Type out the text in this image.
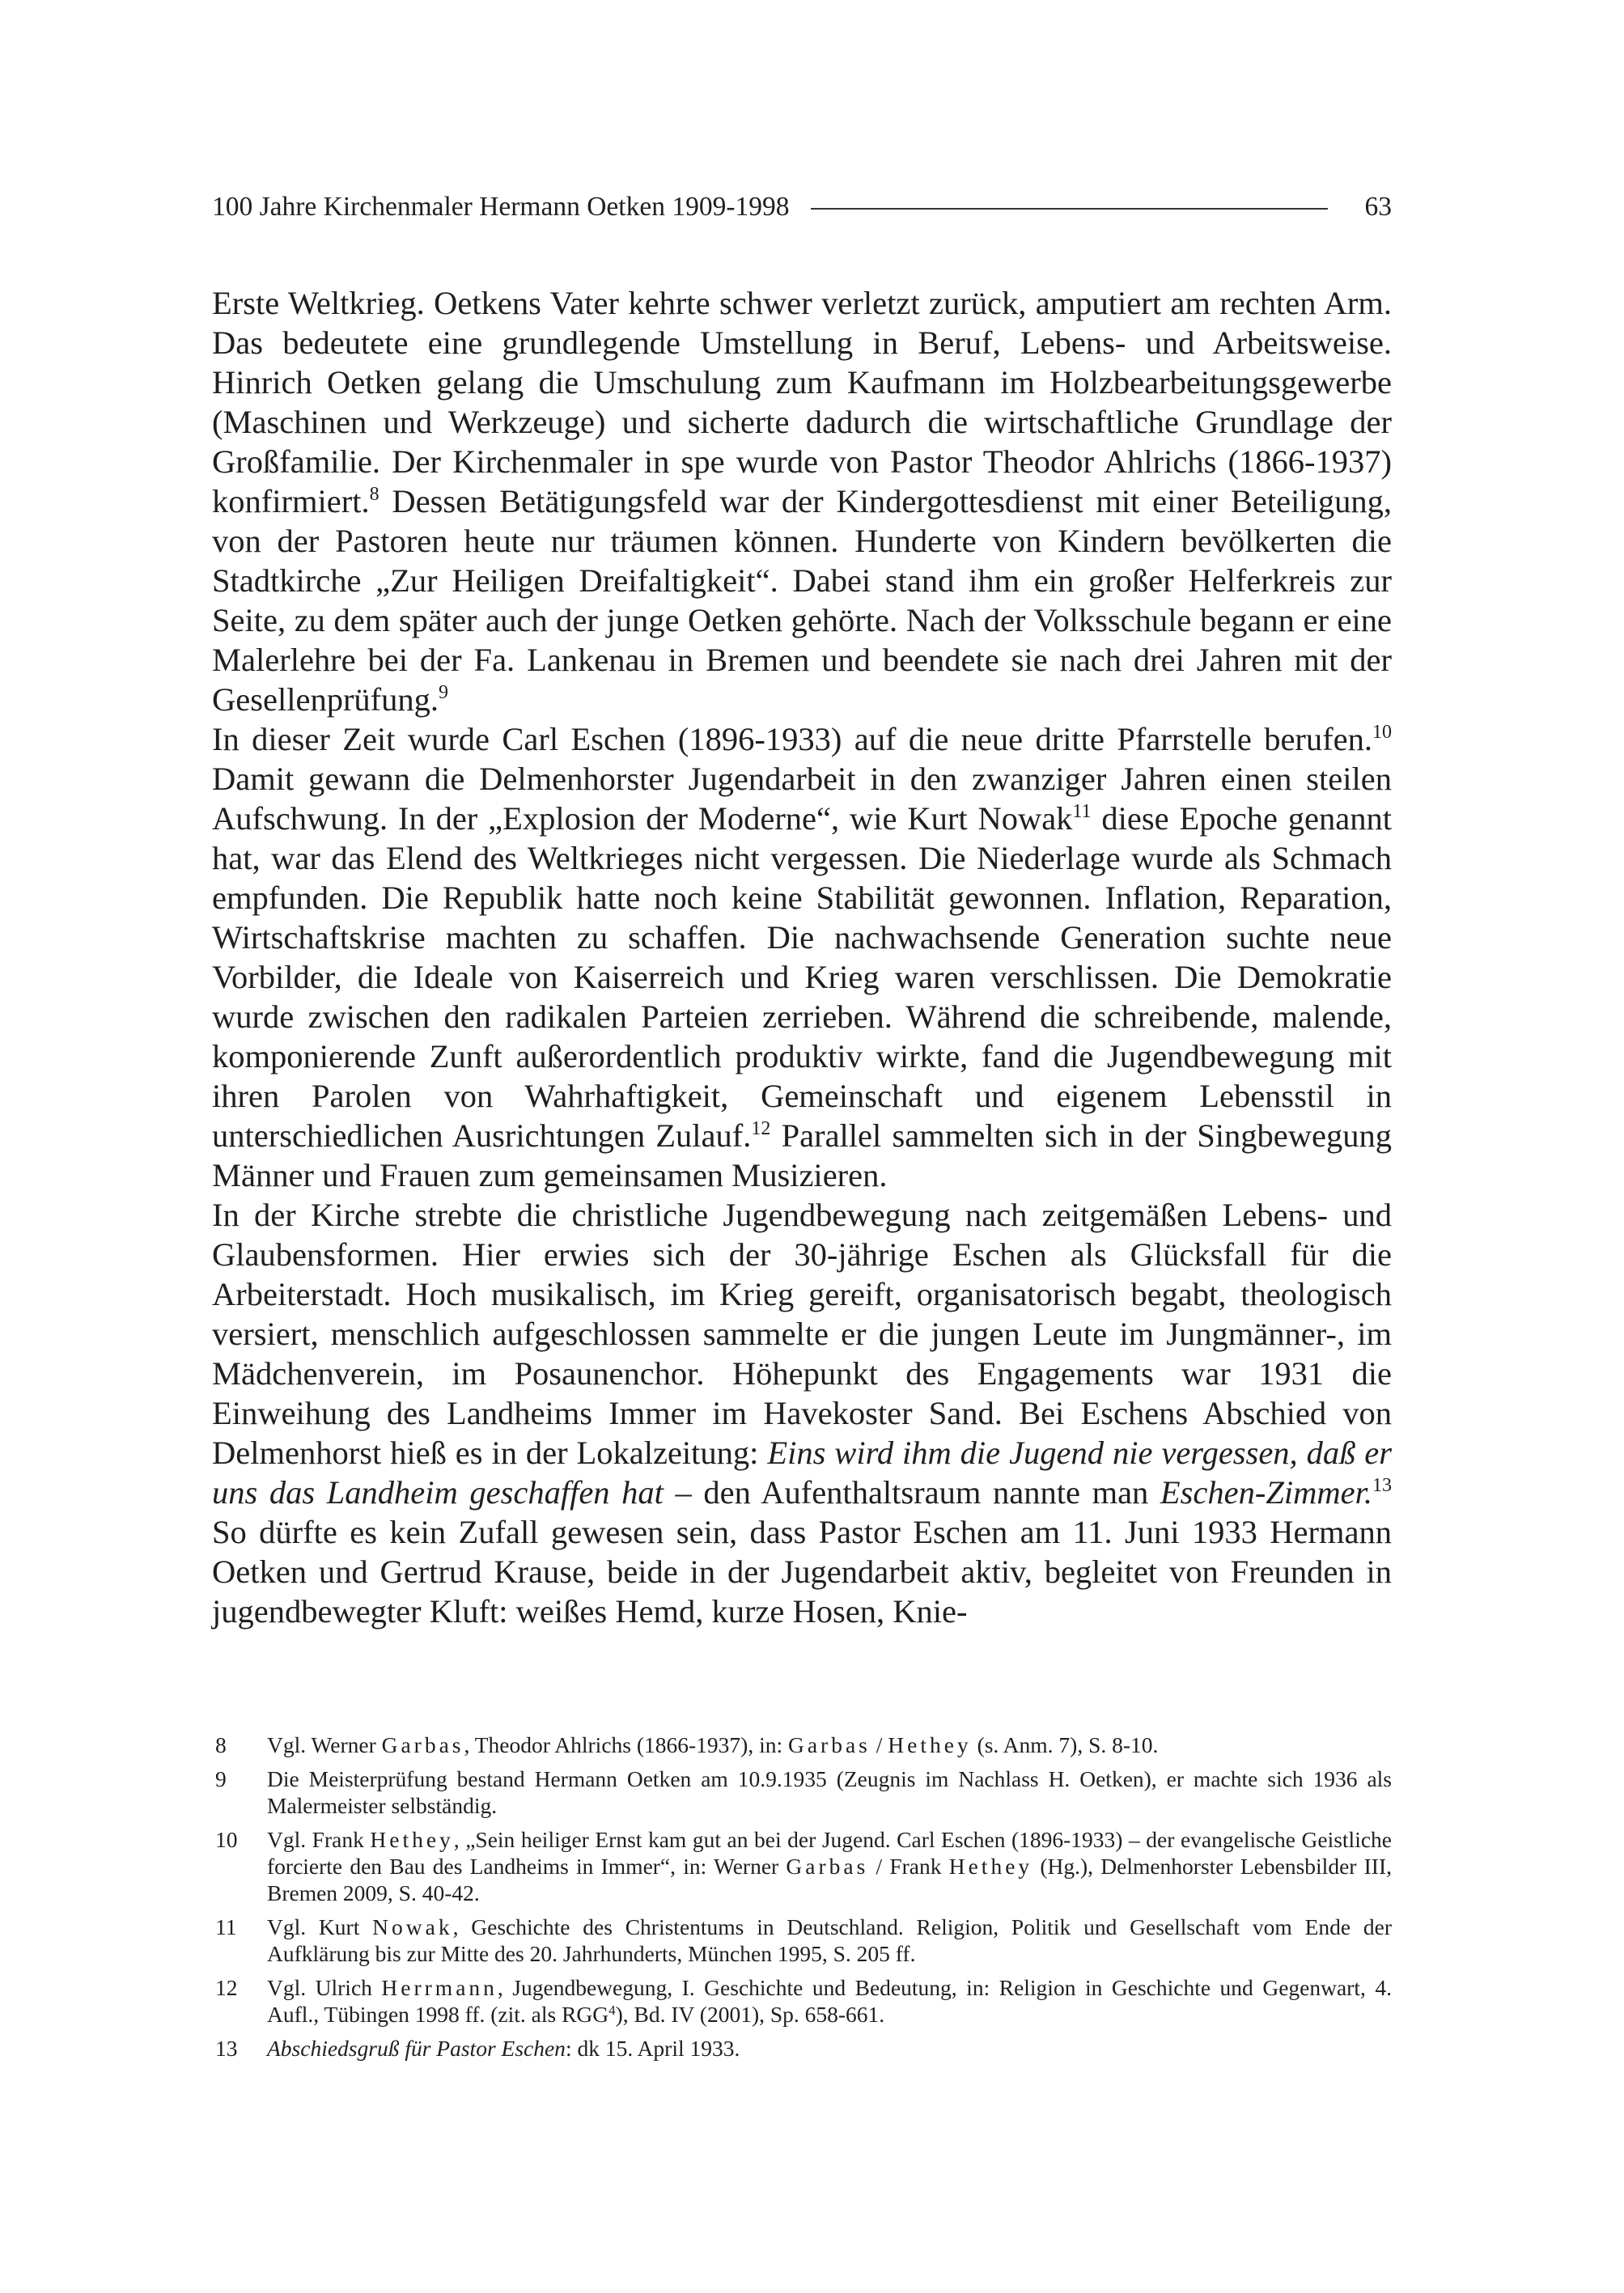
100 Jahre Kirchenmaler Hermann Oetken 1909-1998	63

Erste Weltkrieg. Oetkens Vater kehrte schwer verletzt zurück, amputiert am rechten Arm. Das bedeutete eine grundlegende Umstellung in Beruf, Lebens- und Arbeitsweise. Hinrich Oetken gelang die Umschulung zum Kaufmann im Holzbearbeitungsgewerbe (Maschinen und Werkzeuge) und sicherte dadurch die wirtschaftliche Grundlage der Großfamilie. Der Kirchenmaler in spe wurde von Pastor Theodor Ahlrichs (1866-1937) konfirmiert.$^8$ Dessen Betätigungsfeld war der Kindergottesdienst mit einer Beteiligung, von der Pastoren heute nur träumen können. Hunderte von Kindern bevölkerten die Stadtkirche „Zur Heiligen Dreifaltigkeit“. Dabei stand ihm ein großer Helferkreis zur Seite, zu dem später auch der junge Oetken gehörte. Nach der Volksschule begann er eine Malerlehre bei der Fa. Lankenau in Bremen und beendete sie nach drei Jahren mit der Gesellenprüfung.$^9$

In dieser Zeit wurde Carl Eschen (1896-1933) auf die neue dritte Pfarrstelle berufen.$^{10}$ Damit gewann die Delmenhorster Jugendarbeit in den zwanziger Jahren einen steilen Aufschwung. In der „Explosion der Moderne“, wie Kurt Nowak$^{11}$ diese Epoche genannt hat, war das Elend des Weltkrieges nicht vergessen. Die Niederlage wurde als Schmach empfunden. Die Republik hatte noch keine Stabilität gewonnen. Inflation, Reparation, Wirtschaftskrise machten zu schaffen. Die nachwachsende Generation suchte neue Vorbilder, die Ideale von Kaiserreich und Krieg waren verschlissen. Die Demokratie wurde zwischen den radikalen Parteien zerrieben. Während die schreibende, malende, komponierende Zunft außerordentlich produktiv wirkte, fand die Jugendbewegung mit ihren Parolen von Wahrhaftigkeit, Gemeinschaft und eigenem Lebensstil in unterschiedlichen Ausrichtungen Zulauf.$^{12}$ Parallel sammelten sich in der Singbewegung Männer und Frauen zum gemeinsamen Musizieren.

In der Kirche strebte die christliche Jugendbewegung nach zeitgemäßen Lebens- und Glaubensformen. Hier erwies sich der 30-jährige Eschen als Glücksfall für die Arbeiterstadt. Hoch musikalisch, im Krieg gereift, organisatorisch begabt, theologisch versiert, menschlich aufgeschlossen sammelte er die jungen Leute im Jungmänner-, im Mädchenverein, im Posaunenchor. Höhepunkt des Engagements war 1931 die Einweihung des Landheims Immer im Havekoster Sand. Bei Eschens Abschied von Delmenhorst hieß es in der Lokalzeitung: Eins wird ihm die Jugend nie vergessen, daß er uns das Landheim geschaffen hat – den Aufenthaltsraum nannte man Eschen-Zimmer.$^{13}$ So dürfte es kein Zufall gewesen sein, dass Pastor Eschen am 11. Juni 1933 Hermann Oetken und Gertrud Krause, beide in der Jugendarbeit aktiv, begleitet von Freunden in jugendbewegter Kluft: weißes Hemd, kurze Hosen, Knie-

8	Vgl. Werner Garbas, Theodor Ahlrichs (1866-1937), in: Garbas / Hethey (s. Anm. 7), S. 8-10.
9	Die Meisterprüfung bestand Hermann Oetken am 10.9.1935 (Zeugnis im Nachlass H. Oetken), er machte sich 1936 als Malermeister selbständig.
10	Vgl. Frank Hethey, „Sein heiliger Ernst kam gut an bei der Jugend. Carl Eschen (1896-1933) – der evangelische Geistliche forcierte den Bau des Landheims in Immer“, in: Werner Garbas / Frank Hethey (Hg.), Delmenhorster Lebensbilder III, Bremen 2009, S. 40-42.
11	Vgl. Kurt Nowak, Geschichte des Christentums in Deutschland. Religion, Politik und Gesellschaft vom Ende der Aufklärung bis zur Mitte des 20. Jahrhunderts, München 1995, S. 205 ff.
12	Vgl. Ulrich Herrmann, Jugendbewegung, I. Geschichte und Bedeutung, in: Religion in Geschichte und Gegenwart, 4. Aufl., Tübingen 1998 ff. (zit. als RGG$^4$), Bd. IV (2001), Sp. 658-661.
13	Abschiedsgruß für Pastor Eschen: dk 15. April 1933.
